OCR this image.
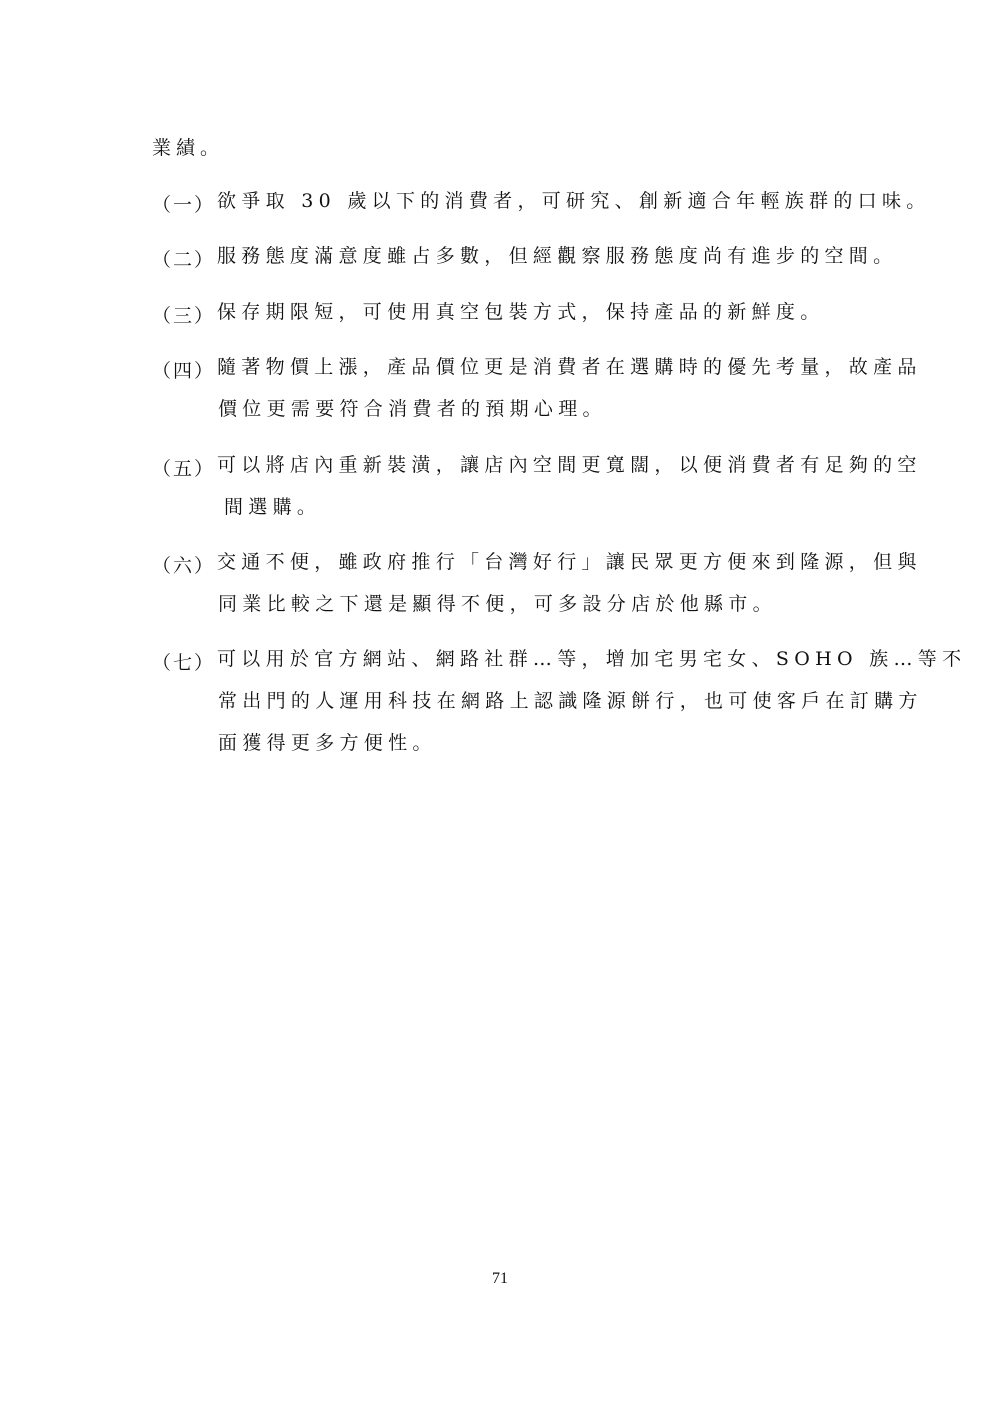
業績。
（一） 欲爭取 30 歲以下的消費者，可研究、創新適合年輕族群的口味。
（二） 服務態度滿意度雖占多數，但經觀察服務態度尚有進步的空間。
（三） 保存期限短，可使用真空包裝方式，保持產品的新鮮度。
（四） 隨著物價上漲，產品價位更是消費者在選購時的優先考量，故產品
價位更需要符合消費者的預期心理。
（五） 可以將店內重新裝潢，讓店內空間更寬闊，以便消費者有足夠的空
間選購。
（六） 交通不便，雖政府推行「台灣好行」讓民眾更方便來到隆源，但與
同業比較之下還是顯得不便，可多設分店於他縣市。
（七） 可以用於官方網站、網路社群…等，增加宅男宅女、SOHO 族…等不
常出門的人運用科技在網路上認識隆源餅行，也可使客戶在訂購方
面獲得更多方便性。
71
